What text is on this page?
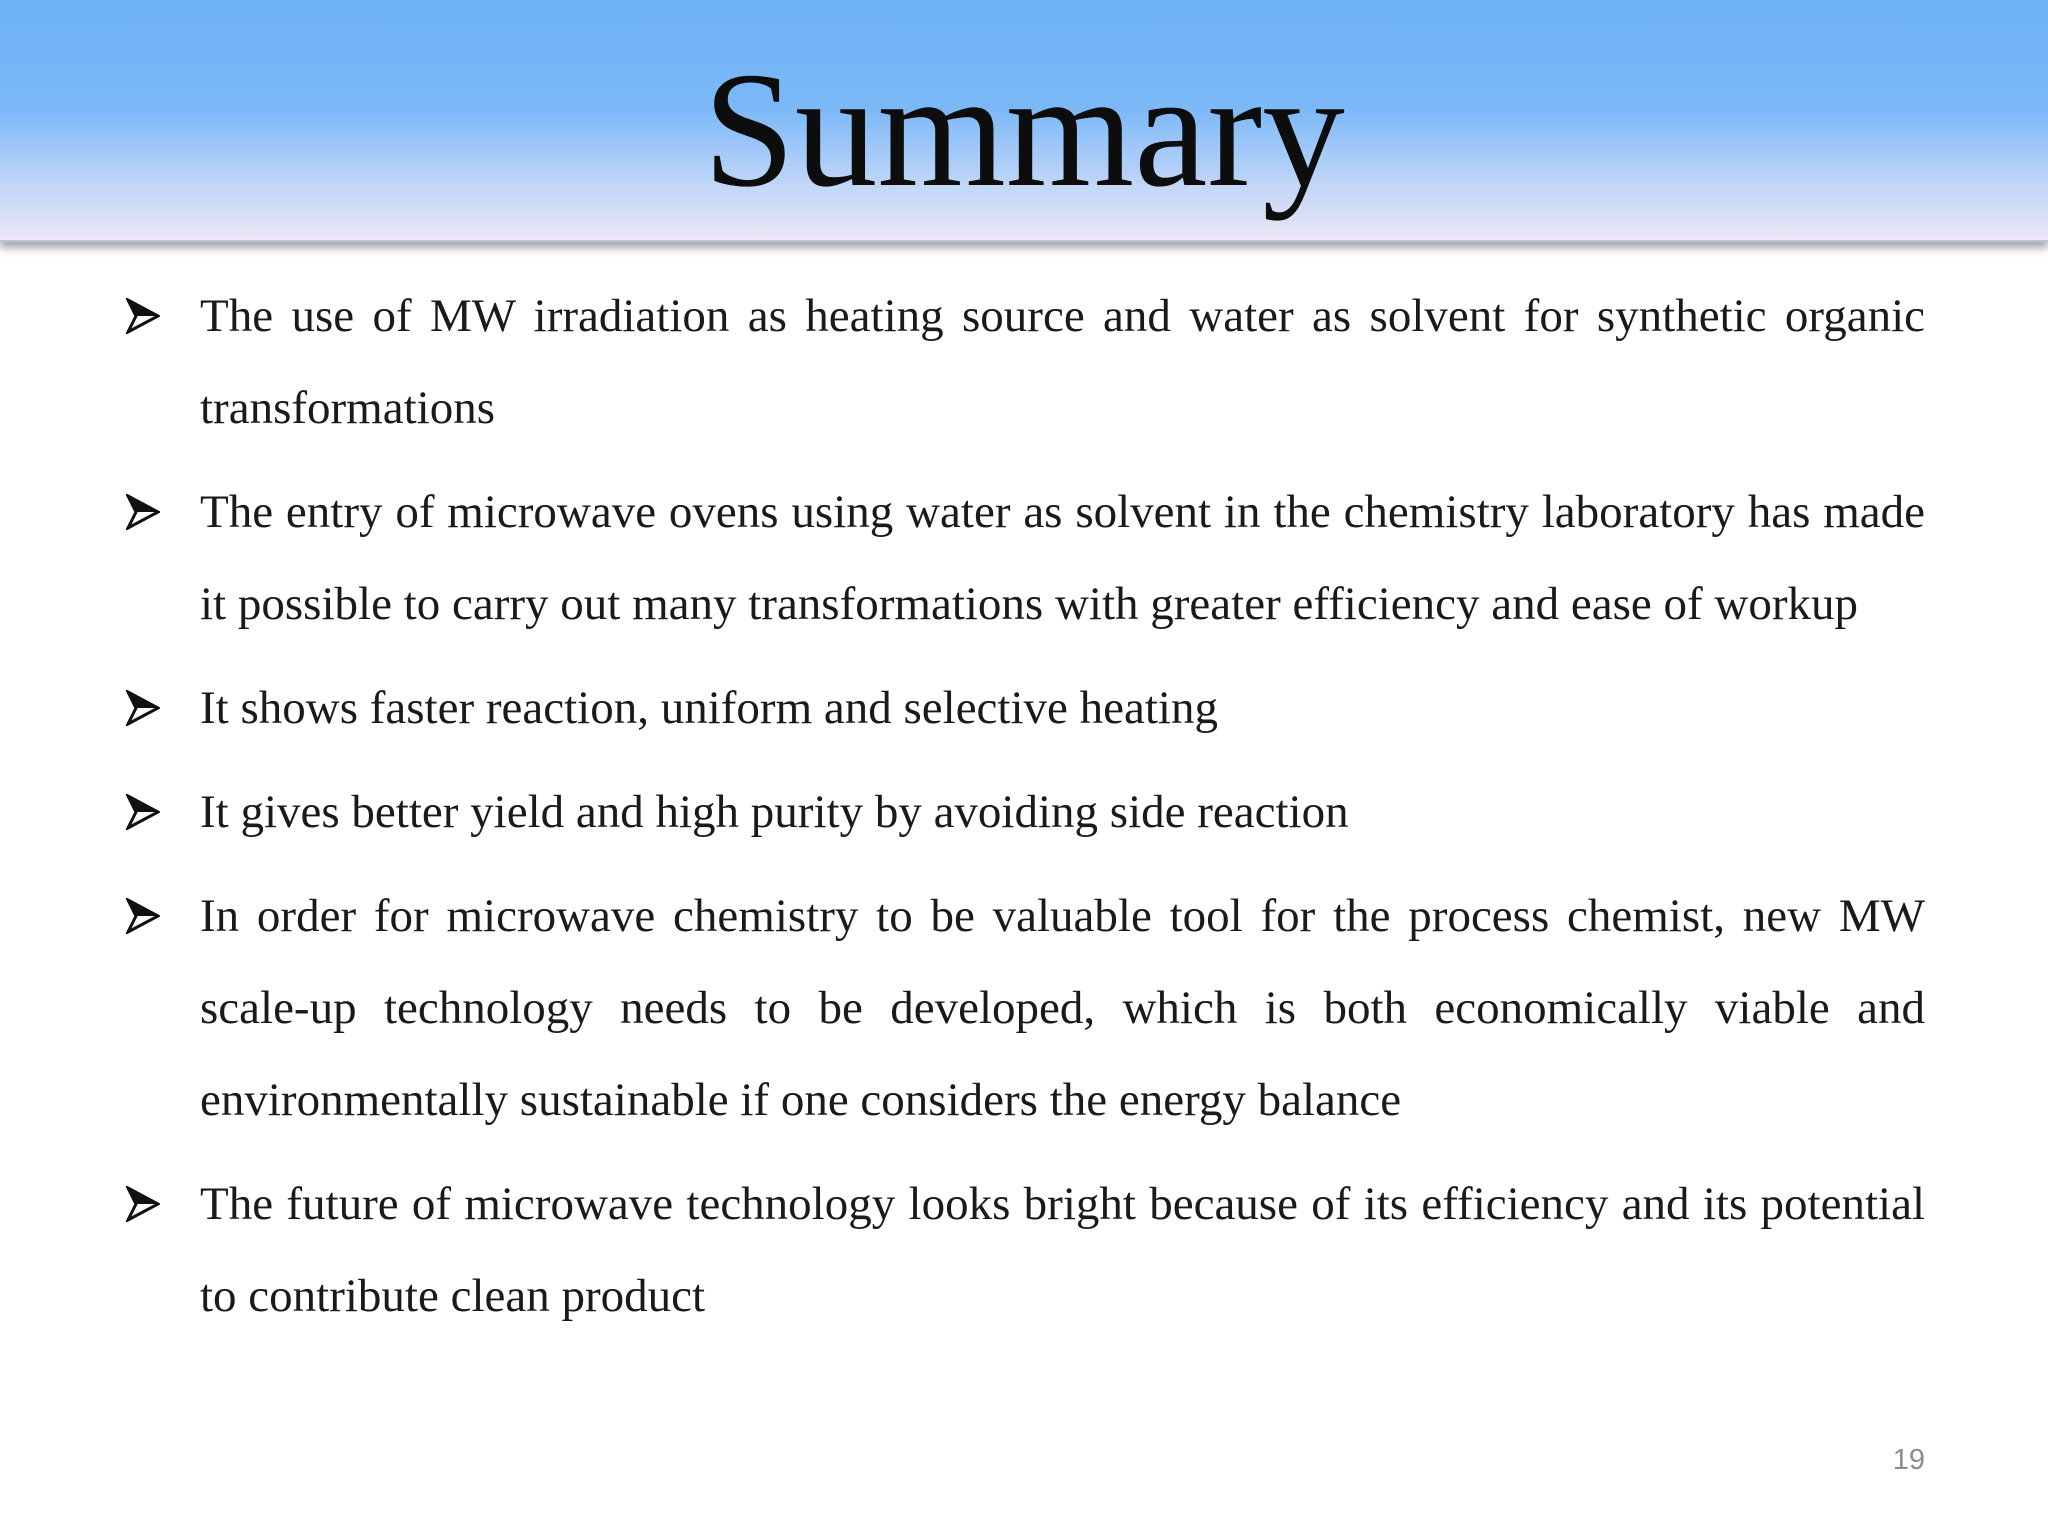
Summary
The use of MW irradiation as heating source and water as solvent for synthetic organic transformations
The entry of microwave ovens using water as solvent in the chemistry laboratory has made it possible to carry out many transformations with greater efficiency and ease of workup
It shows faster reaction, uniform and selective heating
It gives better yield and high purity by avoiding side reaction
In order for microwave chemistry to be valuable tool for the process chemist, new MW scale-up technology needs to be developed, which is both economically viable and environmentally sustainable if one considers the energy balance
The future of microwave technology looks bright because of its efficiency and its potential to contribute clean product
19
